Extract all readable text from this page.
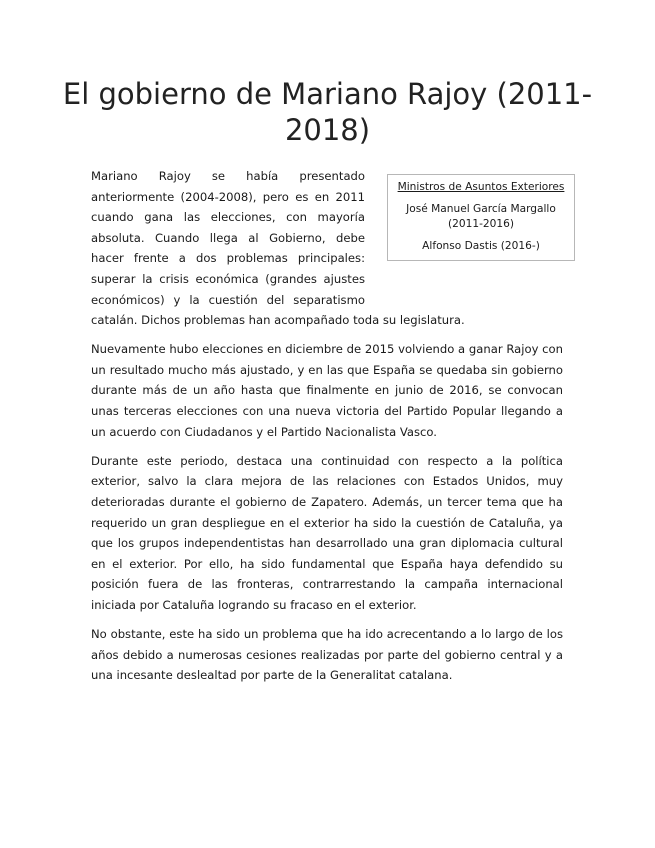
El gobierno de Mariano Rajoy (2011-2018)

Mariano Rajoy se había presentado anteriormente (2004-2008), pero es en 2011 cuando gana las elecciones, con mayoría absoluta. Cuando llega al Gobierno, debe hacer frente a dos problemas principales: superar la crisis económica (grandes ajustes económicos) y la cuestión del separatismo catalán. Dichos problemas han acompañado toda su legislatura.

Nuevamente hubo elecciones en diciembre de 2015 volviendo a ganar Rajoy con un resultado mucho más ajustado, y en las que España se quedaba sin gobierno durante más de un año hasta que finalmente en junio de 2016, se convocan unas terceras elecciones con una nueva victoria del Partido Popular llegando a un acuerdo con Ciudadanos y el Partido Nacionalista Vasco.

Durante este periodo, destaca una continuidad con respecto a la política exterior, salvo la clara mejora de las relaciones con Estados Unidos, muy deterioradas durante el gobierno de Zapatero. Además, un tercer tema que ha requerido un gran despliegue en el exterior ha sido la cuestión de Cataluña, ya que los grupos independentistas han desarrollado una gran diplomacia cultural en el exterior. Por ello, ha sido fundamental que España haya defendido su posición fuera de las fronteras, contrarrestando la campaña internacional iniciada por Cataluña logrando su fracaso en el exterior.

No obstante, este ha sido un problema que ha ido acrecentando a lo largo de los años debido a numerosas cesiones realizadas por parte del gobierno central y a una incesante deslealtad por parte de la Generalitat catalana.

Ministros de Asuntos Exteriores
José Manuel García Margallo (2011-2016)
Alfonso Dastis (2016-)
